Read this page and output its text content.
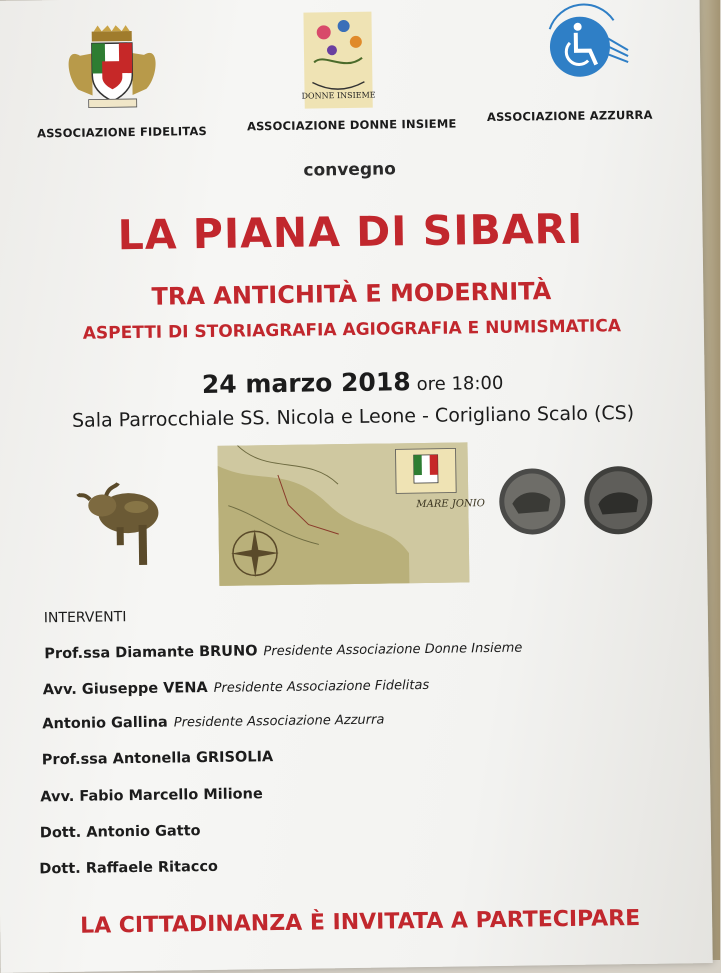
ASSOCIAZIONE FIDELITAS
DONNE INSIEME
ASSOCIAZIONE DONNE INSIEME
ASSOCIAZIONE AZZURRA
convegno
LA PIANA DI SIBARI
TRA ANTICHITÀ E MODERNITÀ
ASPETTI DI STORIAGRAFIA AGIOGRAFIA E NUMISMATICA
24 marzo 2018 ore 18:00
Sala Parrocchiale SS. Nicola e Leone - Corigliano Scalo (CS)
MARE JONIO
INTERVENTI
Prof.ssa Diamante BRUNO Presidente Associazione Donne Insieme
Avv. Giuseppe VENA Presidente Associazione Fidelitas
Antonio Gallina Presidente Associazione Azzurra
Prof.ssa Antonella GRISOLIA
Avv. Fabio Marcello Milione
Dott. Antonio Gatto
Dott. Raffaele Ritacco
LA CITTADINANZA È INVITATA A PARTECIPARE
